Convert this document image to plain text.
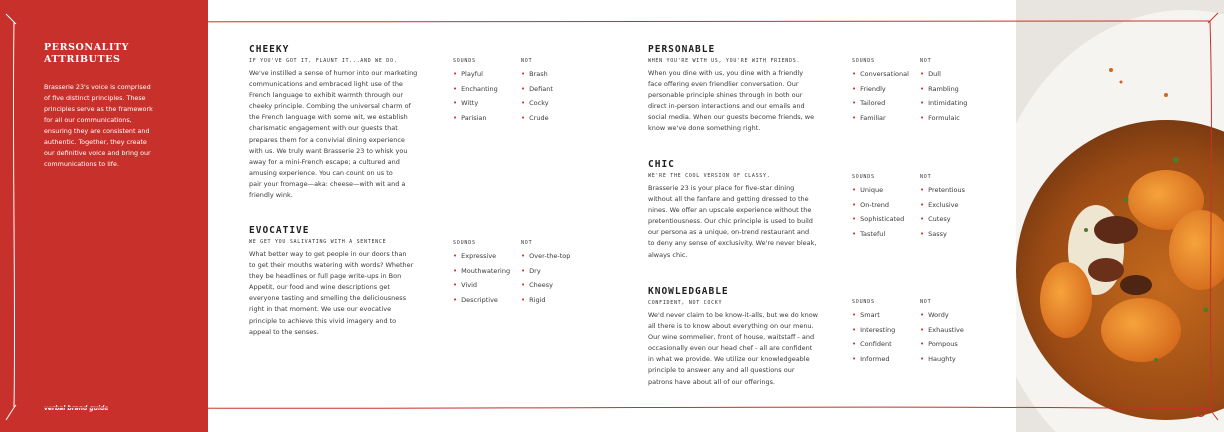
PERSONALITY
ATTRIBUTES
Brasserie 23's voice is comprised
of five distinct principles. These
principles serve as the framework
for all our communications,
ensuring they are consistent and
authentic. Together, they create
our definitive voice and bring our
communications to life.
verbal brand guide
CHEEKY
IF YOU'VE GOT IT, FLAUNT IT...AND WE DO.
We've instilled a sense of humor into our marketing
communications and embraced light use of the
French language to exhibit warmth through our
cheeky principle. Combing the universal charm of
the French language with some wit, we establish
charismatic engagement with our guests that
prepares them for a convivial dining experience
with us. We truly want Brasserie 23 to whisk you
away for a mini-French escape; a cultured and
amusing experience. You can count on us to
pair your fromage—aka: cheese—with wit and a
friendly wink.
SOUNDS
• Playful
• Enchanting
• Witty
• Parisian
NOT
• Brash
• Defiant
• Cocky
• Crude
EVOCATIVE
WE GET YOU SALIVATING WITH A SENTENCE
What better way to get people in our doors than
to get their mouths watering with words? Whether
they be headlines or full page write-ups in Bon
Appetit, our food and wine descriptions get
everyone tasting and smelling the deliciousness
right in that moment. We use our evocative
principle to achieve this vivid imagery and to
appeal to the senses.
SOUNDS
• Expressive
• Mouthwatering
• Vivid
• Descriptive
NOT
• Over-the-top
• Dry
• Cheesy
• Rigid
PERSONABLE
WHEN YOU'RE WITH US, YOU'RE WITH FRIENDS.
When you dine with us, you dine with a friendly
face offering even friendlier conversation. Our
personable principle shines through in both our
direct in-person interactions and our emails and
social media. When our guests become friends, we
know we've done something right.
SOUNDS
• Conversational
• Friendly
• Tailored
• Familiar
NOT
• Dull
• Rambling
• Intimidating
• Formulaic
CHIC
WE'RE THE COOL VERSION OF CLASSY.
Brasserie 23 is your place for five-star dining
without all the fanfare and getting dressed to the
nines. We offer an upscale experience without the
pretentiousness. Our chic principle is used to build
our persona as a unique, on-trend restaurant and
to deny any sense of exclusivity. We're never bleak,
always chic.
SOUNDS
• Unique
• On-trend
• Sophisticated
• Tasteful
NOT
• Pretentious
• Exclusive
• Cutesy
• Sassy
KNOWLEDGABLE
CONFIDENT, NOT COCKY
We'd never claim to be know-it-alls, but we do know
all there is to know about everything on our menu.
Our wine sommelier, front of house, waitstaff - and
occasionally even our head chef - all are confident
in what we provide. We utilize our knowledgeable
principle to answer any and all questions our
patrons have about all of our offerings.
SOUNDS
• Smart
• Interesting
• Confident
• Informed
NOT
• Wordy
• Exhaustive
• Pompous
• Haughty
7
